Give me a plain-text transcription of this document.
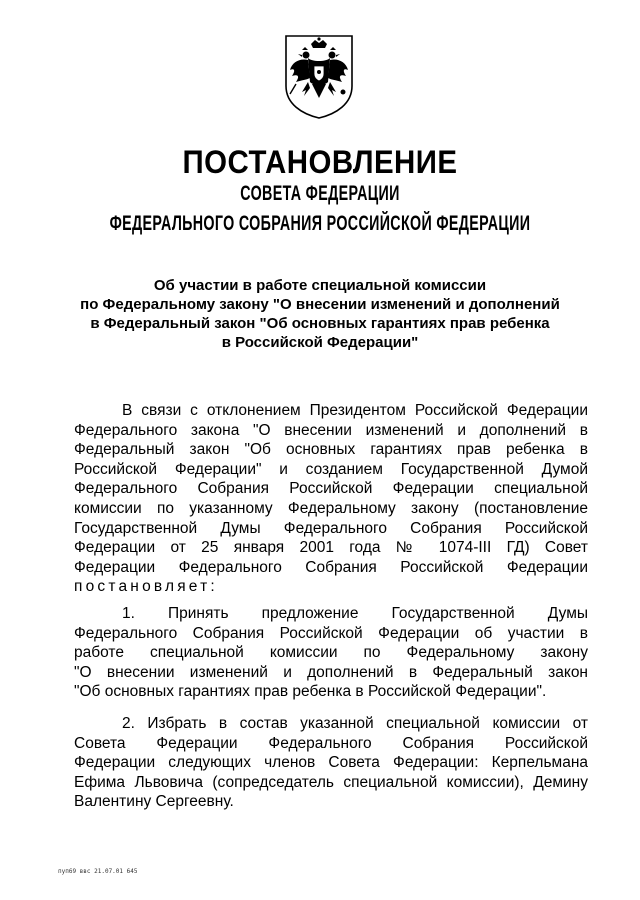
ПОСТАНОВЛЕНИЕ
СОВЕТА ФЕДЕРАЦИИ
ФЕДЕРАЛЬНОГО СОБРАНИЯ РОССИЙСКОЙ ФЕДЕРАЦИИ

Об участии в работе специальной комиссии
по Федеральному закону "О внесении изменений и дополнений
в Федеральный закон "Об основных гарантиях прав ребенка
в Российской Федерации"

В связи с отклонением Президентом Российской Федерации
Федерального закона "О внесении изменений и дополнений в
Федеральный закон "Об основных гарантиях прав ребенка в
Российской Федерации" и созданием Государственной Думой
Федерального Собрания Российской Федерации специальной
комиссии по указанному Федеральному закону (постановление
Государственной Думы Федерального Собрания Российской
Федерации от 25 января 2001 года № 1074-III ГД) Совет
Федерации Федерального Собрания Российской Федерации
постановляет:

1. Принять предложение Государственной Думы
Федерального Собрания Российской Федерации об участии в
работе специальной комиссии по Федеральному закону
"О внесении изменений и дополнений в Федеральный закон
"Об основных гарантиях прав ребенка в Российской Федерации".

2. Избрать в состав указанной специальной комиссии от
Совета Федерации Федерального Собрания Российской
Федерации следующих членов Совета Федерации: Керпельмана
Ефима Львовича (сопредседатель специальной комиссии), Демину
Валентину Сергеевну.

пуп69 ввс 21.07.01 645
